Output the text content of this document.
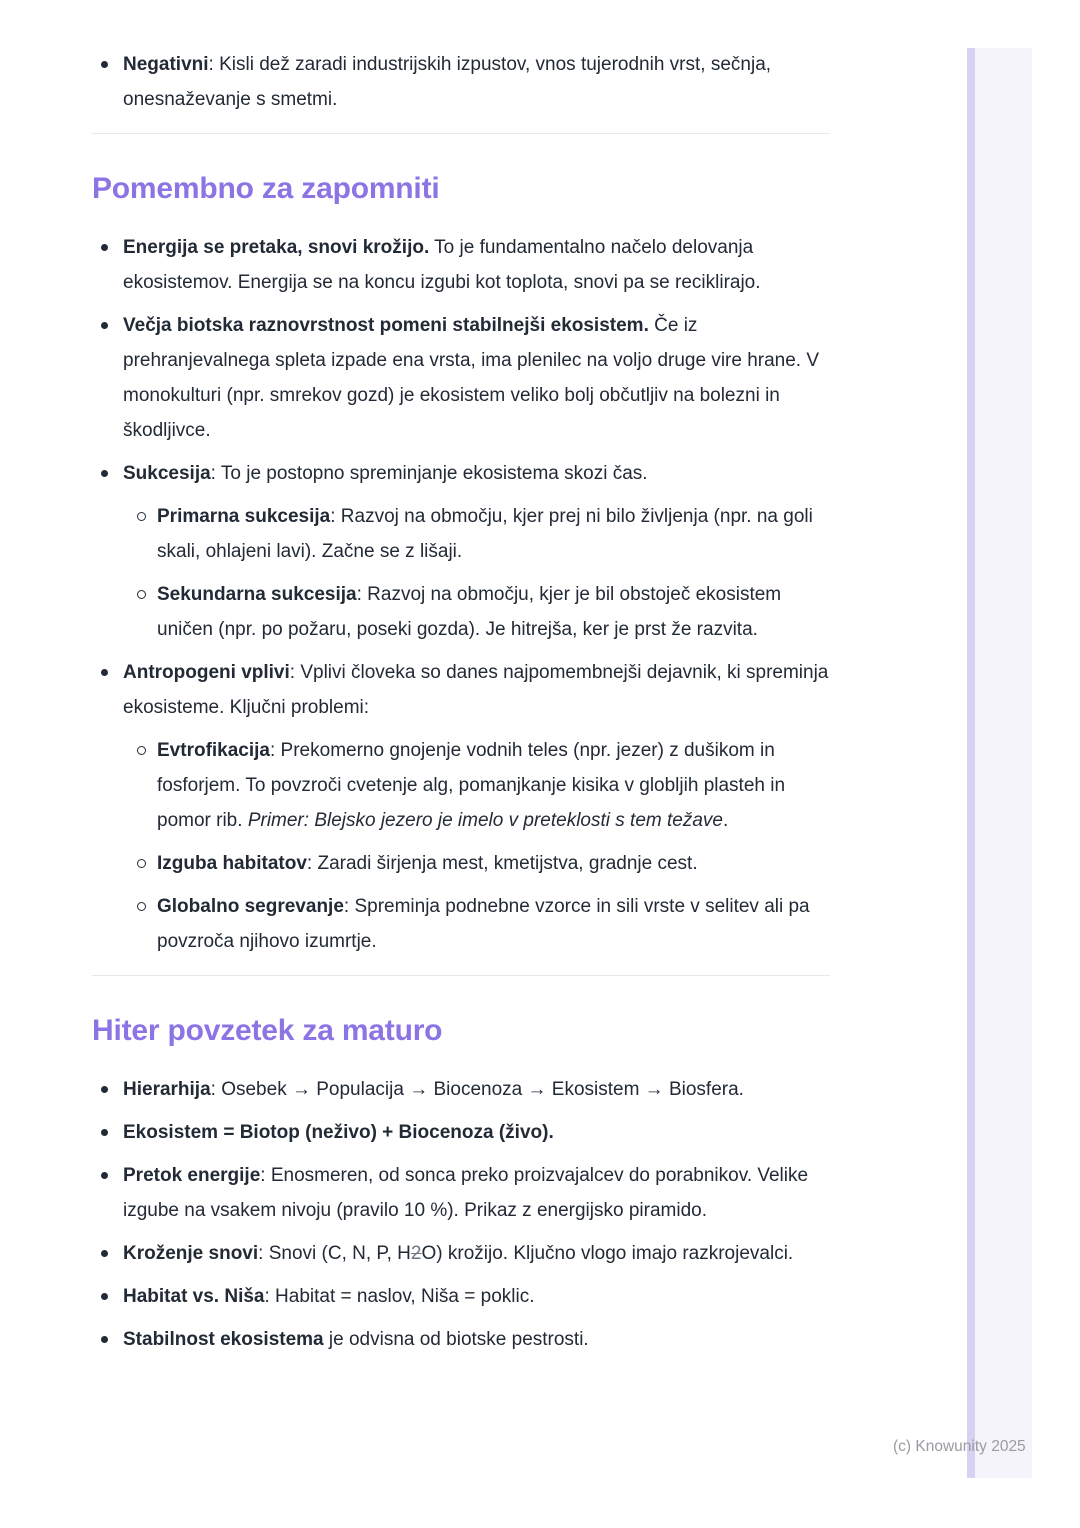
Negativni: Kisli dež zaradi industrijskih izpustov, vnos tujerodnih vrst, sečnja, onesnaževanje s smetmi.
Pomembno za zapomniti
Energija se pretaka, snovi krožijo. To je fundamentalno načelo delovanja ekosistemov. Energija se na koncu izgubi kot toplota, snovi pa se reciklirajo.
Večja biotska raznovrstnost pomeni stabilnejši ekosistem. Če iz prehranjevalnega spleta izpade ena vrsta, ima plenilec na voljo druge vire hrane. V monokulturi (npr. smrekov gozd) je ekosistem veliko bolj občutljiv na bolezni in škodljivce.
Sukcesija: To je postopno spreminjanje ekosistema skozi čas.
Primarna sukcesija: Razvoj na območju, kjer prej ni bilo življenja (npr. na goli skali, ohlajeni lavi). Začne se z lišaji.
Sekundarna sukcesija: Razvoj na območju, kjer je bil obstoječ ekosistem uničen (npr. po požaru, poseki gozda). Je hitrejša, ker je prst že razvita.
Antropogeni vplivi: Vplivi človeka so danes najpomembnejši dejavnik, ki spreminja ekosisteme. Ključni problemi:
Evtrofikacija: Prekomerno gnojenje vodnih teles (npr. jezer) z dušikom in fosforjem. To povzroči cvetenje alg, pomanjkanje kisika v globljih plasteh in pomor rib. Primer: Blejsko jezero je imelo v preteklosti s tem težave.
Izguba habitatov: Zaradi širjenja mest, kmetijstva, gradnje cest.
Globalno segrevanje: Spreminja podnebne vzorce in sili vrste v selitev ali pa povzroča njihovo izumrtje.
Hiter povzetek za maturo
Hierarhija: Osebek → Populacija → Biocenoza → Ekosistem → Biosfera.
Ekosistem = Biotop (neživo) + Biocenoza (živo).
Pretok energije: Enosmeren, od sonca preko proizvajalcev do porabnikov. Velike izgube na vsakem nivoju (pravilo 10 %). Prikaz z energijsko piramido.
Kroženje snovi: Snovi (C, N, P, H2O) krožijo. Ključno vlogo imajo razkrojevalci.
Habitat vs. Niša: Habitat = naslov, Niša = poklic.
Stabilnost ekosistema je odvisna od biotske pestrosti.
(c) Knowunity 2025
